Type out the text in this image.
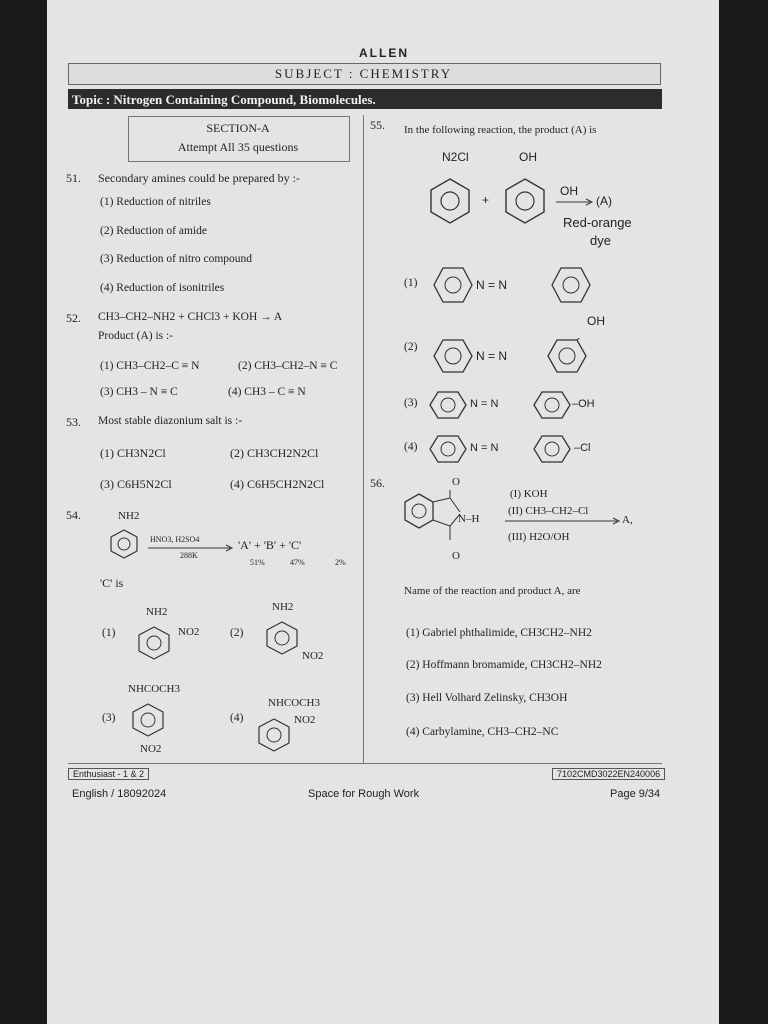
ALLEN
SUBJECT : CHEMISTRY
Topic : Nitrogen Containing Compound, Biomolecules.
SECTION-A
Attempt All 35 questions
51. Secondary amines could be prepared by :-
(1) Reduction of nitriles
(2) Reduction of amide
(3) Reduction of nitro compound
(4) Reduction of isonitriles
52. CH3–CH2–NH2 + CHCl3 + KOH → A
Product (A) is :-
(1) CH3–CH2–C ≡ N	(2) CH3–CH2–N ≡ C
(3) CH3 – N ≡ C	(4) CH3 – C ≡ N
53. Most stable diazonium salt is :-
(1) CH3N2Cl	(2) CH3CH2N2Cl
(3) C6H5N2Cl	(4) C6H5CH2N2Cl
54.	NH2
HNO3, H2SO4
288K
'A' + 'B' + 'C'
51%	47%	2%
'C' is
(1)
NH2
NO2	(2)
NH2
NO2
(3)
NHCOCH3
NO2
(4)
NHCOCH3
NO2
55. In the following reaction, the product (A) is
N2Cl	OH
+
OH
(A)
Red-orange
dye
(1)	N = N
(2)
OH
N = N
(3)	N = N	–OH
(4)	N = N	–Cl
56.	O
N–H
O
(I) KOH
(II) CH3–CH2–Cl
A,
(III) H2O/OH
Name of the reaction and product A, are
(1) Gabriel phthalimide, CH3CH2–NH2
(2) Hoffmann bromamide, CH3CH2–NH2
(3) Hell Volhard Zelinsky, CH3OH
(4) Carbylamine, CH3–CH2–NC
Enthusiast - 1 & 2	7102CMD3022EN240006
English / 18092024	Space for Rough Work	Page 9/34
